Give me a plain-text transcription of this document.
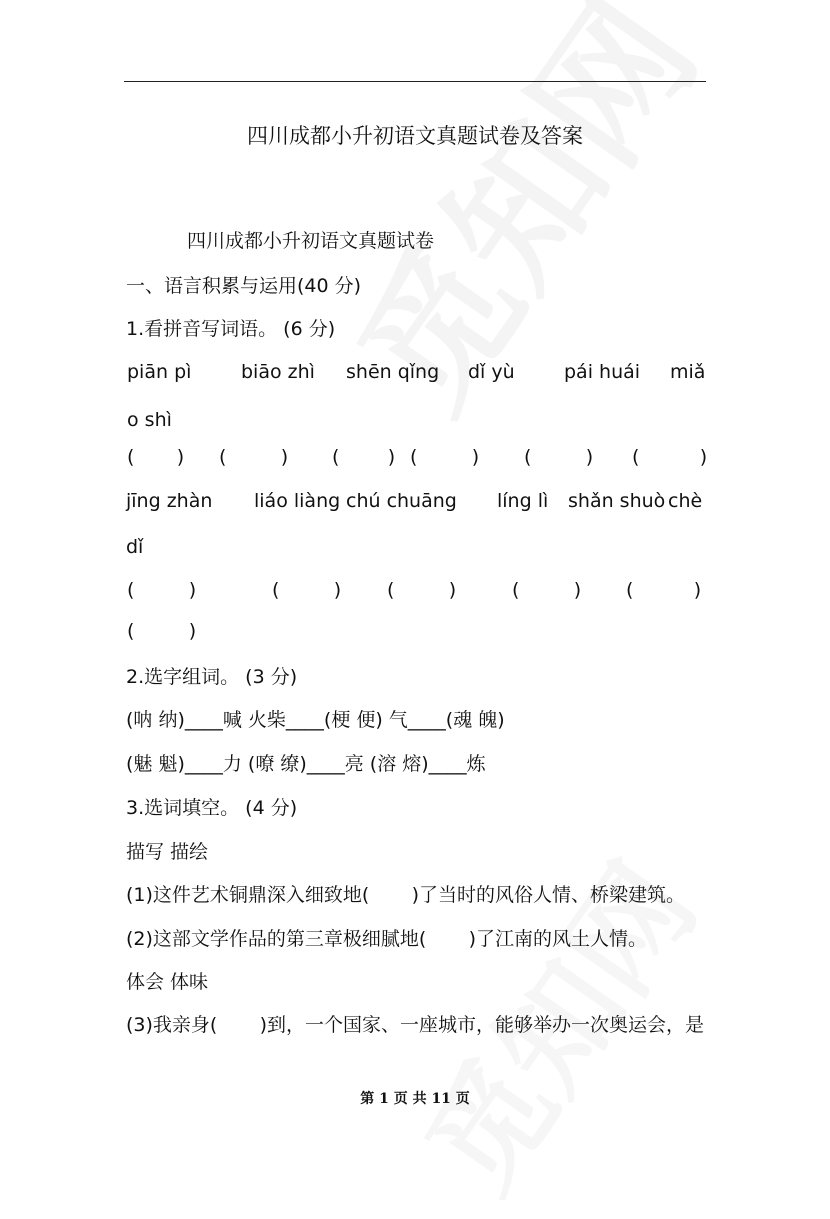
四川成都小升初语文真题试卷及答案
四川成都小升初语文真题试卷
一、语言积累与运用(40 分)
1.看拼音写词语。 (6 分)
piān pì	biāo zhì shēn qǐng dǐ yù	pái huái miǎ
o shì
(       ) (         ) (        ) (         ) (         ) (          )
jīng zhàn liáo liàng chú chuāng líng lì shǎn shuò chè
dǐ
(         )	(         ) (         )	(         ) (          )
(         )
2.选字组词。 (3 分)
(呐 纳)____喊 火柴____(梗 便) 气____(魂 魄)
(魅 魁)____力 (嘹 缭)____亮 (溶 熔)____炼
3.选词填空。 (4 分)
描写 描绘
(1)这件艺术铜鼎深入细致地(       )了当时的风俗人情、桥梁建筑。
(2)这部文学作品的第三章极细腻地(       )了江南的风土人情。
体会 体味
(3)我亲身(       )到，一个国家、一座城市，能够举办一次奥运会，是
第 1 页 共 11 页
